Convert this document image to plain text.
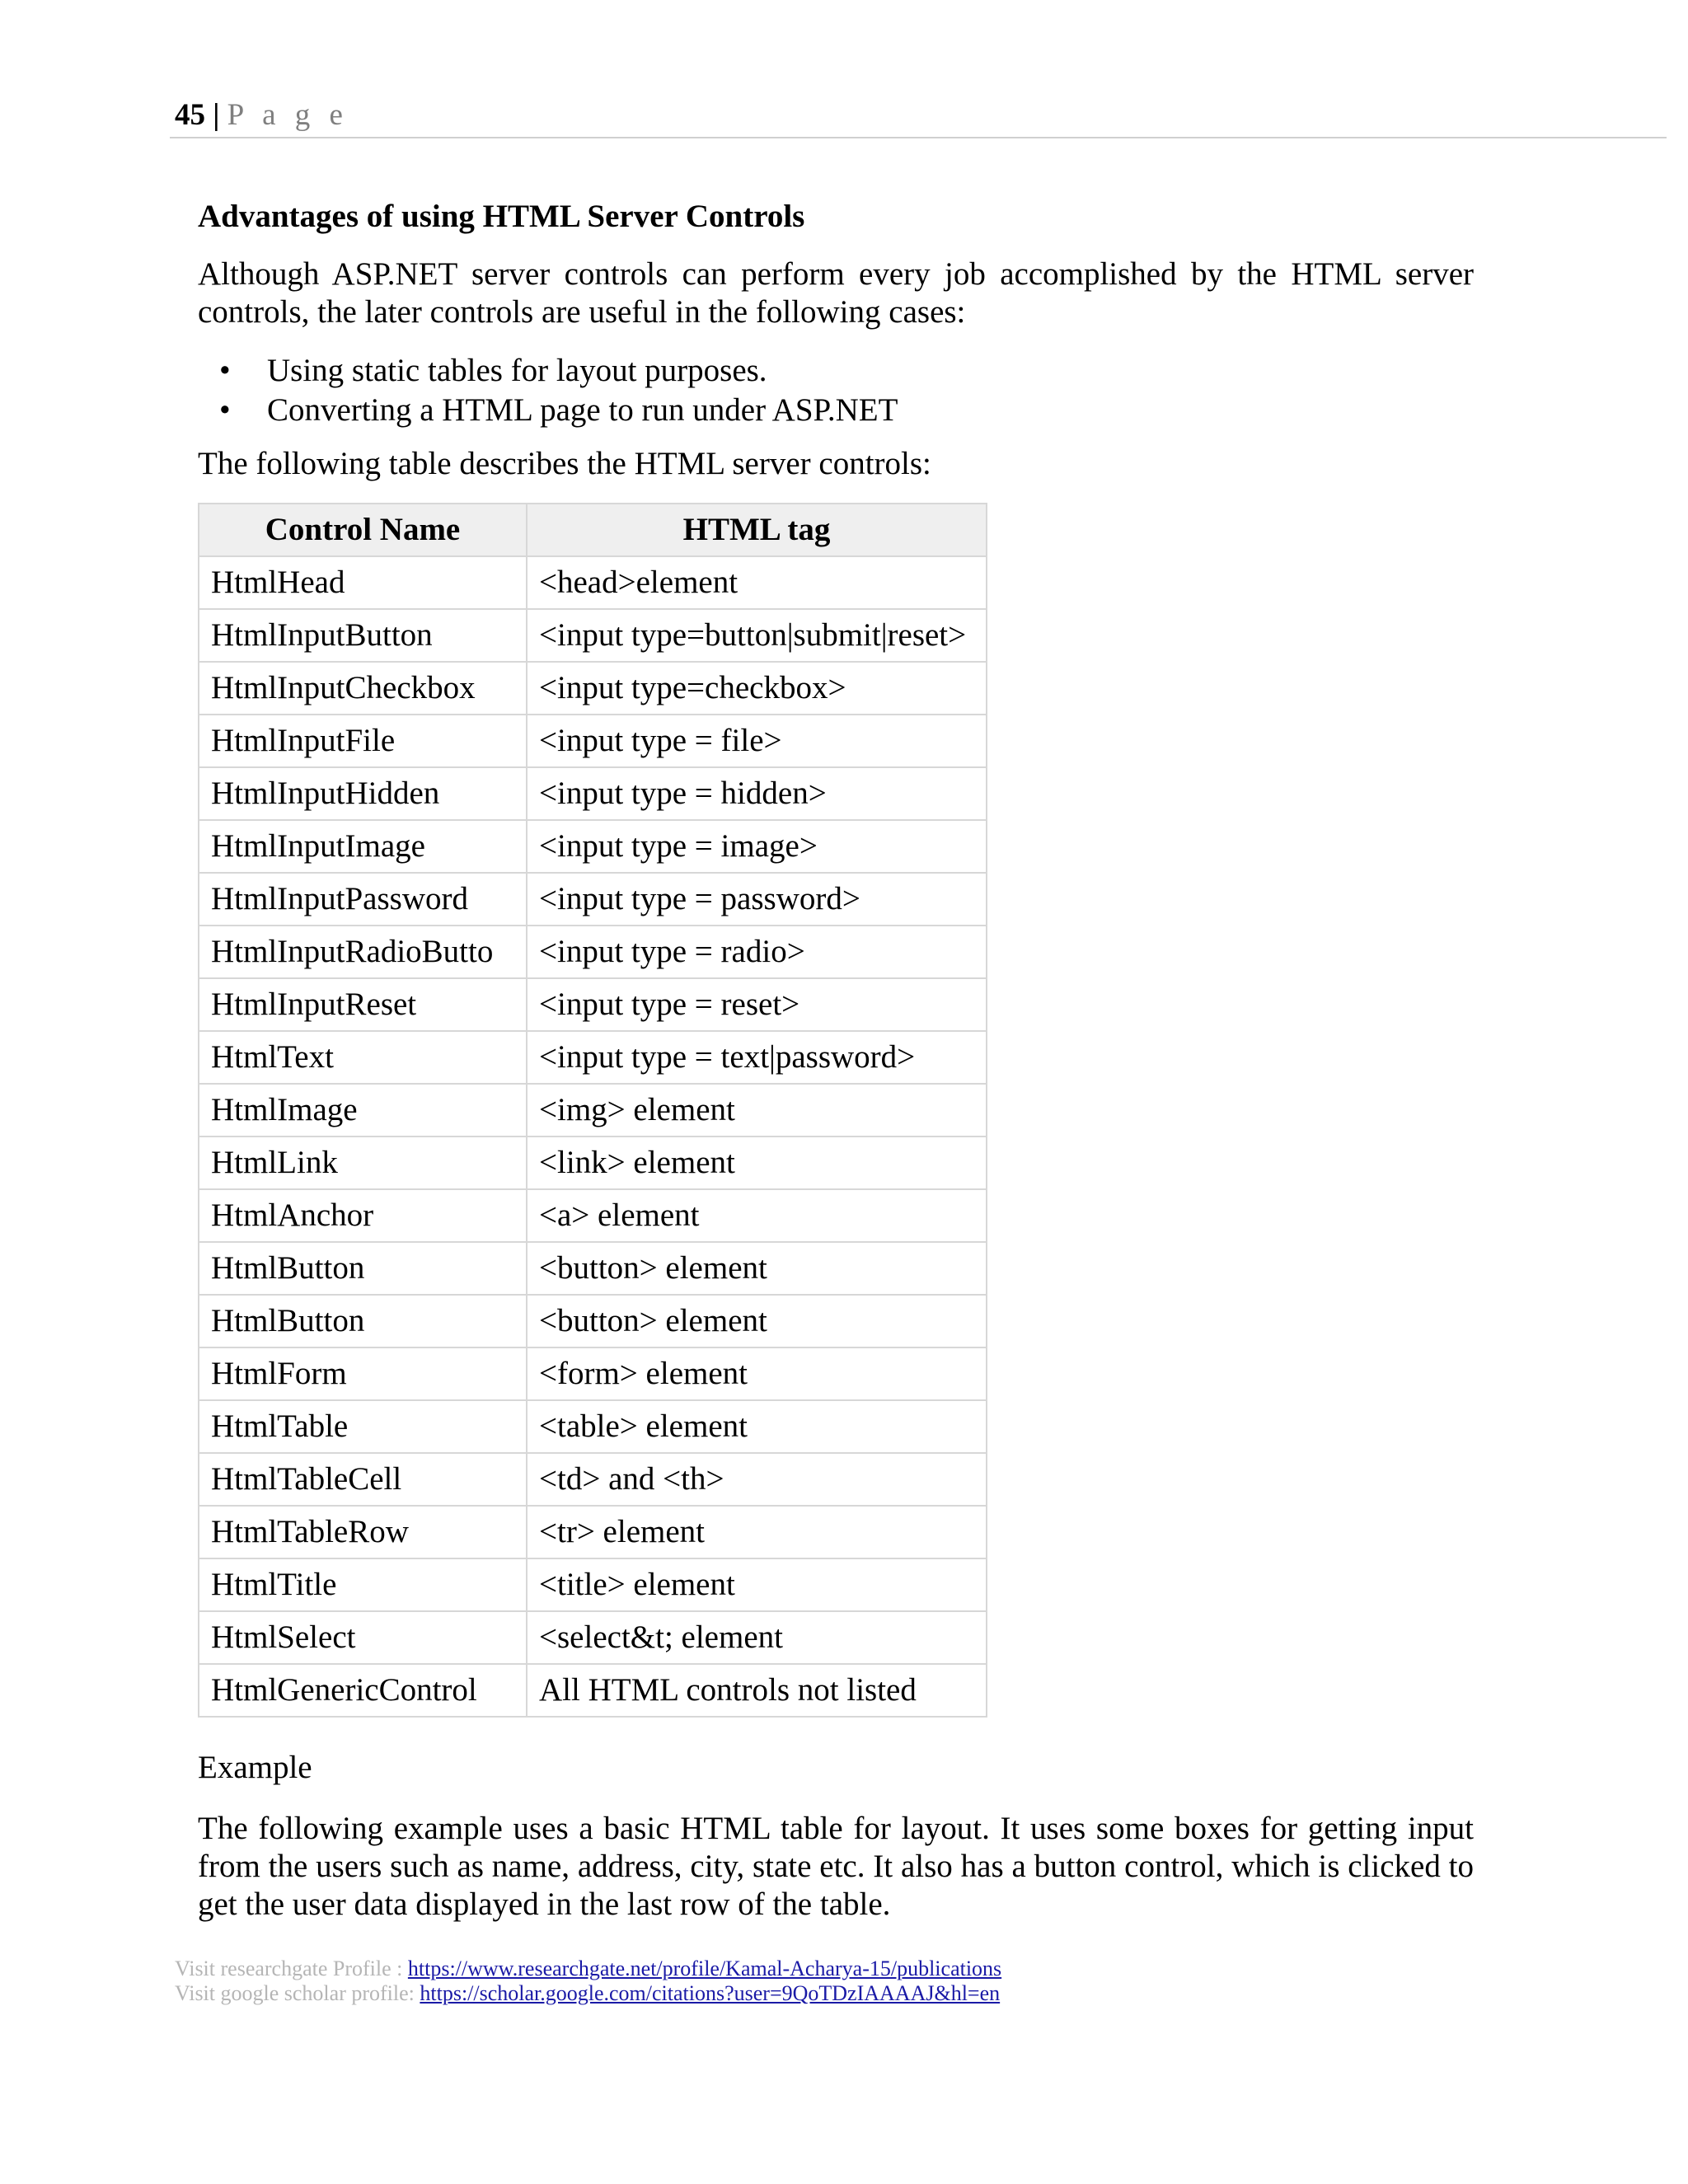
45 | P a g e
Advantages of using HTML Server Controls

Although ASP.NET server controls can perform every job accomplished by the HTML server controls, the later controls are useful in the following cases:

• Using static tables for layout purposes.
• Converting a HTML page to run under ASP.NET

The following table describes the HTML server controls:

Control Name	HTML tag
HtmlHead	<head>element
HtmlInputButton	<input type=button|submit|reset>
HtmlInputCheckbox	<input type=checkbox>
HtmlInputFile	<input type = file>
HtmlInputHidden	<input type = hidden>
HtmlInputImage	<input type = image>
HtmlInputPassword	<input type = password>
HtmlInputRadioButto	<input type = radio>
HtmlInputReset	<input type = reset>
HtmlText	<input type = text|password>
HtmlImage	<img> element
HtmlLink	<link> element
HtmlAnchor	<a> element
HtmlButton	<button> element
HtmlButton	<button> element
HtmlForm	<form> element
HtmlTable	<table> element
HtmlTableCell	<td> and <th>
HtmlTableRow	<tr> element
HtmlTitle	<title> element
HtmlSelect	<select&t; element
HtmlGenericControl	All HTML controls not listed
Example

The following example uses a basic HTML table for layout. It uses some boxes for getting input from the users such as name, address, city, state etc. It also has a button control, which is clicked to get the user data displayed in the last row of the table.

Visit researchgate Profile : https://www.researchgate.net/profile/Kamal-Acharya-15/publications
Visit google scholar profile: https://scholar.google.com/citations?user=9QoTDzIAAAAJ&hl=en
